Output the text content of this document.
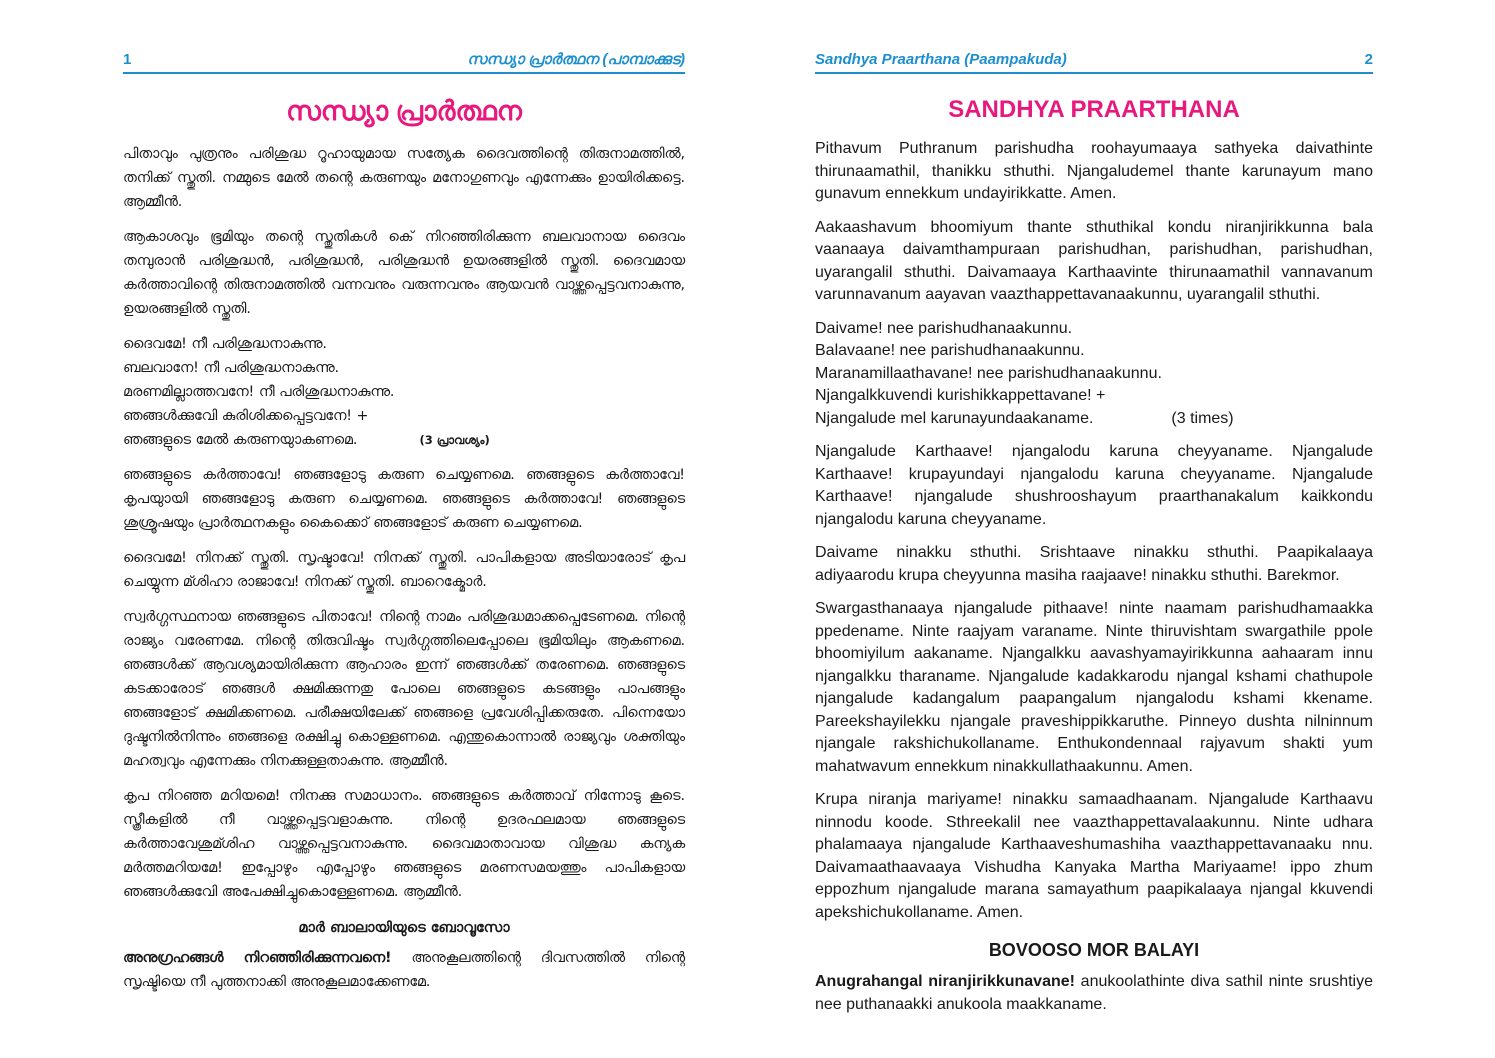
1	സന്ധ്യാ പ്രാർത്ഥന (പാമ്പാക്കുട)
സന്ധ്യാ പ്രാർത്ഥന

പിതാവും പുത്രനും പരിശുദ്ധ റൂഹായുമായ സത്യേക ദൈവത്തിന്റെ തിരുനാമത്തിൽ, തനിക്ക് സ്തുതി. നമ്മുടെ മേൽ തന്റെ കരുണയും മനോഗുണവും എന്നേക്കും ഉായിരിക്കട്ടെ. ആമ്മീൻ.

ആകാശവും ഭൂമിയും തന്റെ സ്തുതികൾ കെ് നിറഞ്ഞിരിക്കുന്ന ബലവാനായ ദൈവം തമ്പുരാൻ പരിശുദ്ധൻ, പരിശുദ്ധൻ, പരിശുദ്ധൻ ഉയരങ്ങളിൽ സ്തുതി. ദൈവമായ കർത്താവിന്റെ തിരുനാമത്തിൽ വന്നവനും വരുന്നവനും ആയവൻ വാഴ്ത്തപ്പെട്ടവനാകുന്നു, ഉയരങ്ങളിൽ സ്തുതി.

ദൈവമേ! നീ പരിശുദ്ധനാകുന്നു.
ബലവാനേ! നീ പരിശുദ്ധനാകുന്നു.
മരണമില്ലാത്തവനേ! നീ പരിശുദ്ധനാകുന്നു.
ഞങ്ങൾക്കുവേി കുരിശിക്കപ്പെട്ടവനേ! +
ഞങ്ങളുടെ മേൽ കരുണയുാകണമെ.	(3 പ്രാവശ്യം)

ഞങ്ങളുടെ കർത്താവേ! ഞങ്ങളോടു കരുണ ചെയ്യണമെ. ഞങ്ങളുടെ കർത്താവേ! കൃപയുായി ഞങ്ങളോടു കരുണ ചെയ്യണമെ. ഞങ്ങളുടെ കർത്താവേ! ഞങ്ങളുടെ ശുശ്രൂഷയും പ്രാർത്ഥനകളും കൈക്കൊ് ഞങ്ങളോട് കരുണ ചെയ്യണമെ.

ദൈവമേ! നിനക്ക് സ്തുതി. സൃഷ്ടാവേ! നിനക്ക് സ്തുതി. പാപികളായ അടിയാരോട് കൃപ ചെയ്യുന്ന മ്ശിഹാ രാജാവേ! നിനക്ക് സ്തുതി. ബാറെക്മോർ.

സ്വർഗ്ഗസ്ഥനായ ഞങ്ങളുടെ പിതാവേ! നിന്റെ നാമം പരിശുദ്ധമാക്കപ്പെടേണമെ. നിന്റെ രാജ്യം വരേണമേ. നിന്റെ തിരുവിഷ്ടം സ്വർഗ്ഗത്തിലെപ്പോലെ ഭൂമിയിലും ആകണമെ. ഞങ്ങൾക്ക് ആവശ്യമായിരിക്കുന്ന ആഹാരം ഇന്ന് ഞങ്ങൾക്ക് തരേണമെ. ഞങ്ങളുടെ കടക്കാരോട് ഞങ്ങൾ ക്ഷമിക്കുന്നതു പോലെ ഞങ്ങളുടെ കടങ്ങളും പാപങ്ങളും ഞങ്ങളോട് ക്ഷമിക്കണമെ. പരീക്ഷയിലേക്ക് ഞങ്ങളെ പ്രവേശിപ്പിക്കരുതേ. പിന്നെയോ ദുഷ്ടനിൽനിന്നും ഞങ്ങളെ രക്ഷിച്ചു കൊള്ളണമെ. എന്തുകൊന്നാൽ രാജ്യവും ശക്തിയും മഹത്വവും എന്നേക്കും നിനക്കുള്ളതാകുന്നു. ആമ്മീൻ.

കൃപ നിറഞ്ഞ മറിയമെ! നിനക്കു സമാധാനം. ഞങ്ങളുടെ കർത്താവ് നിന്നോടു കൂടെ. സ്ത്രീകളിൽ നീ വാഴ്ത്തപ്പെട്ടവളാകുന്നു. നിന്റെ ഉദരഫലമായ ഞങ്ങളുടെ കർത്താവേശുമ്ശിഹ വാഴ്ത്തപ്പെട്ടവനാകുന്നു. ദൈവമാതാവായ വിശുദ്ധ കന്യക മർത്തമറിയമേ! ഇപ്പോഴും എപ്പോഴും ഞങ്ങളുടെ മരണസമയത്തും പാപികളായ ഞങ്ങൾക്കുവേി അപേക്ഷിച്ചുകൊള്ളേണമെ. ആമ്മീൻ.

മാർ ബാലായിയുടെ ബോവൂസോ

അനുഗ്രഹങ്ങൾ നിറഞ്ഞിരിക്കുന്നവനെ! അനുകൂലത്തിന്റെ ദിവസത്തിൽ നിന്റെ സൃഷ്ടിയെ നീ പുത്തനാക്കി അനുകൂലമാക്കേണമേ.

Sandhya Praarthana (Paampakuda)	2
SANDHYA PRAARTHANA

Pithavum Puthranum parishudha roohayumaaya sathyeka daivathinte thirunaamathil, thanikku sthuthi. Njangaludemel thante karunayum mano gunavum ennekkum undayirikkatte. Amen.

Aakaashavum bhoomiyum thante sthuthikal kondu niranjirikkunna bala vaanaaya daivamthampuraan parishudhan, parishudhan, parishudhan, uyarangalil sthuthi. Daivamaaya Karthaavinte thirunaamathil vannavanum varunnavanum aayavan vaazthappettavanaakunnu, uyarangalil sthuthi.

Daivame! nee parishudhanaakunnu.
Balavaane! nee parishudhanaakunnu.
Maranamillaathavane! nee parishudhanaakunnu.
Njangalkkuvendi kurishikkappettavane! +
Njangalude mel karunayundaakaname.	(3 times)

Njangalude Karthaave! njangalodu karuna cheyyaname. Njangalude Karthaave! krupayundayi njangalodu karuna cheyyaname. Njangalude Karthaave! njangalude shushrooshayum praarthanakalum kaikkondu njangalodu karuna cheyyaname.

Daivame ninakku sthuthi. Srishtaave ninakku sthuthi. Paapikalaaya adiyaarodu krupa cheyyunna masiha raajaave! ninakku sthuthi. Barekmor.

Swargasthanaaya njangalude pithaave! ninte naamam parishudhamaakka ppedename. Ninte raajyam varaname. Ninte thiruvishtam swargathile ppole bhoomiyilum aakaname. Njangalkku aavashyamayirikkunna aahaaram innu njangalkku tharaname. Njangalude kadakkarodu njangal kshami chathupole njangalude kadangalum paapangalum njangalodu kshami kkename. Pareekshayilekku njangale praveshippikkaruthe. Pinneyo dushta nilninnum njangale rakshichukollaname. Enthukondennaal rajyavum shakti yum mahatwavum ennekkum ninakkullathaakunnu. Amen.

Krupa niranja mariyame! ninakku samaadhaanam. Njangalude Karthaavu ninnodu koode. Sthreekalil nee vaazthappettavalaakunnu. Ninte udhara phalamaaya njangalude Karthaaveshumashiha vaazthappettavanaaku nnu. Daivamaathaavaaya Vishudha Kanyaka Martha Mariyaame! ippo zhum eppozhum njangalude marana samayathum paapikalaaya njangal kkuvendi apekshichukollaname. Amen.

BOVOOSO MOR BALAYI

Anugrahangal niranjirikkunavane! anukoolathinte diva sathil ninte srushtiye nee puthanaakki anukoola maakkaname.
